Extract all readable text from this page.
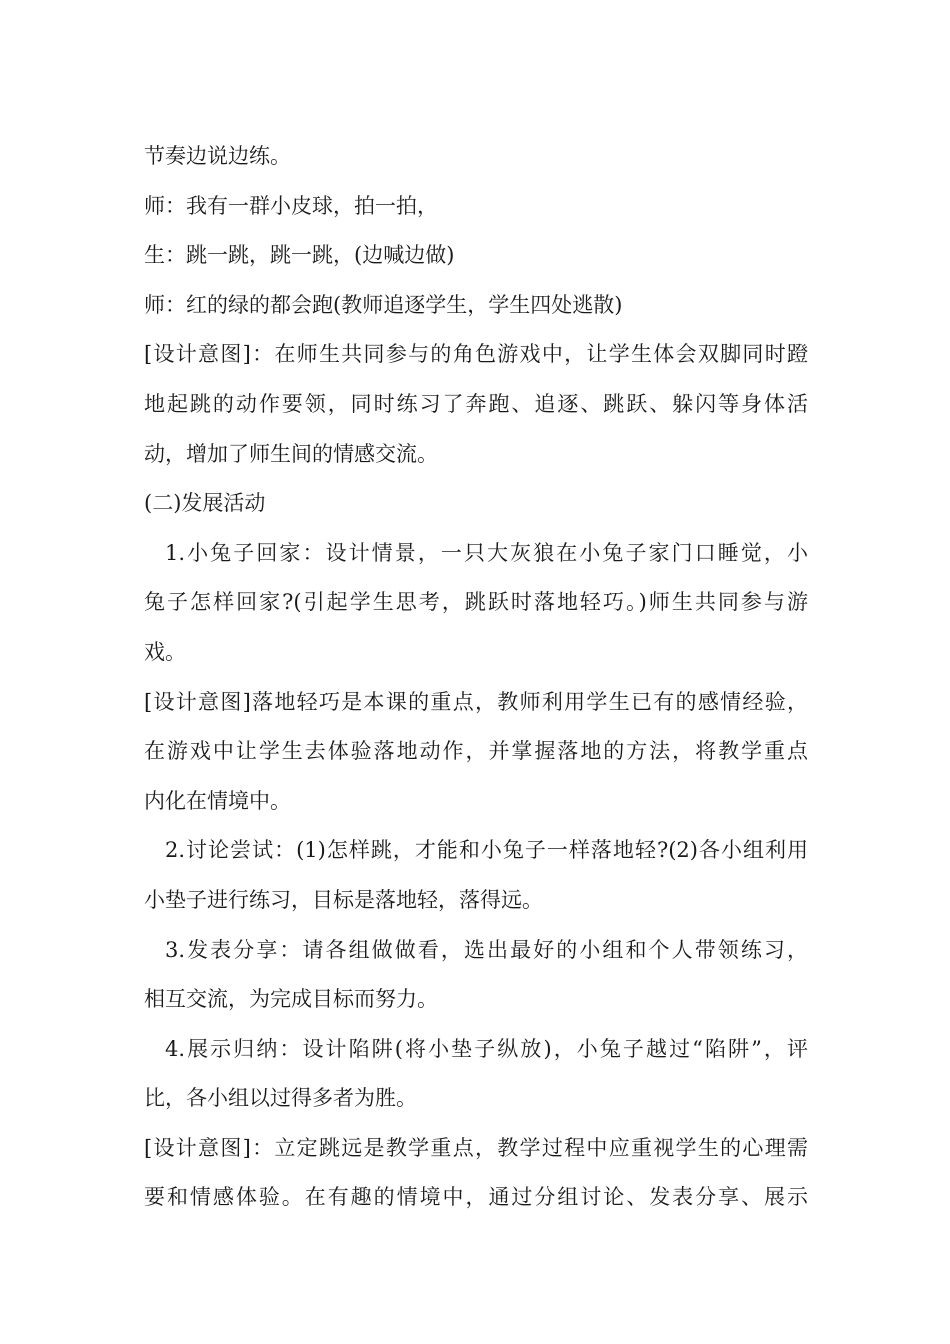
节奏边说边练。
师：我有一群小皮球，拍一拍，
生：跳一跳，跳一跳，(边喊边做)
师：红的绿的都会跑(教师追逐学生，学生四处逃散)
[设计意图]：在师生共同参与的角色游戏中，让学生体会双脚同时蹬
地起跳的动作要领，同时练习了奔跑、追逐、跳跃、躲闪等身体活
动，增加了师生间的情感交流。
(二)发展活动
1.小兔子回家：设计情景，一只大灰狼在小兔子家门口睡觉，小
兔子怎样回家?(引起学生思考，跳跃时落地轻巧。)师生共同参与游
戏。
[设计意图]落地轻巧是本课的重点，教师利用学生已有的感情经验，
在游戏中让学生去体验落地动作，并掌握落地的方法，将教学重点
内化在情境中。
2.讨论尝试：(1)怎样跳，才能和小兔子一样落地轻?(2)各小组利用
小垫子进行练习，目标是落地轻，落得远。
3.发表分享：请各组做做看，选出最好的小组和个人带领练习，
相互交流，为完成目标而努力。
4.展示归纳：设计陷阱(将小垫子纵放)，小兔子越过“陷阱”，评
比，各小组以过得多者为胜。
[设计意图]：立定跳远是教学重点，教学过程中应重视学生的心理需
要和情感体验。在有趣的情境中，通过分组讨论、发表分享、展示
